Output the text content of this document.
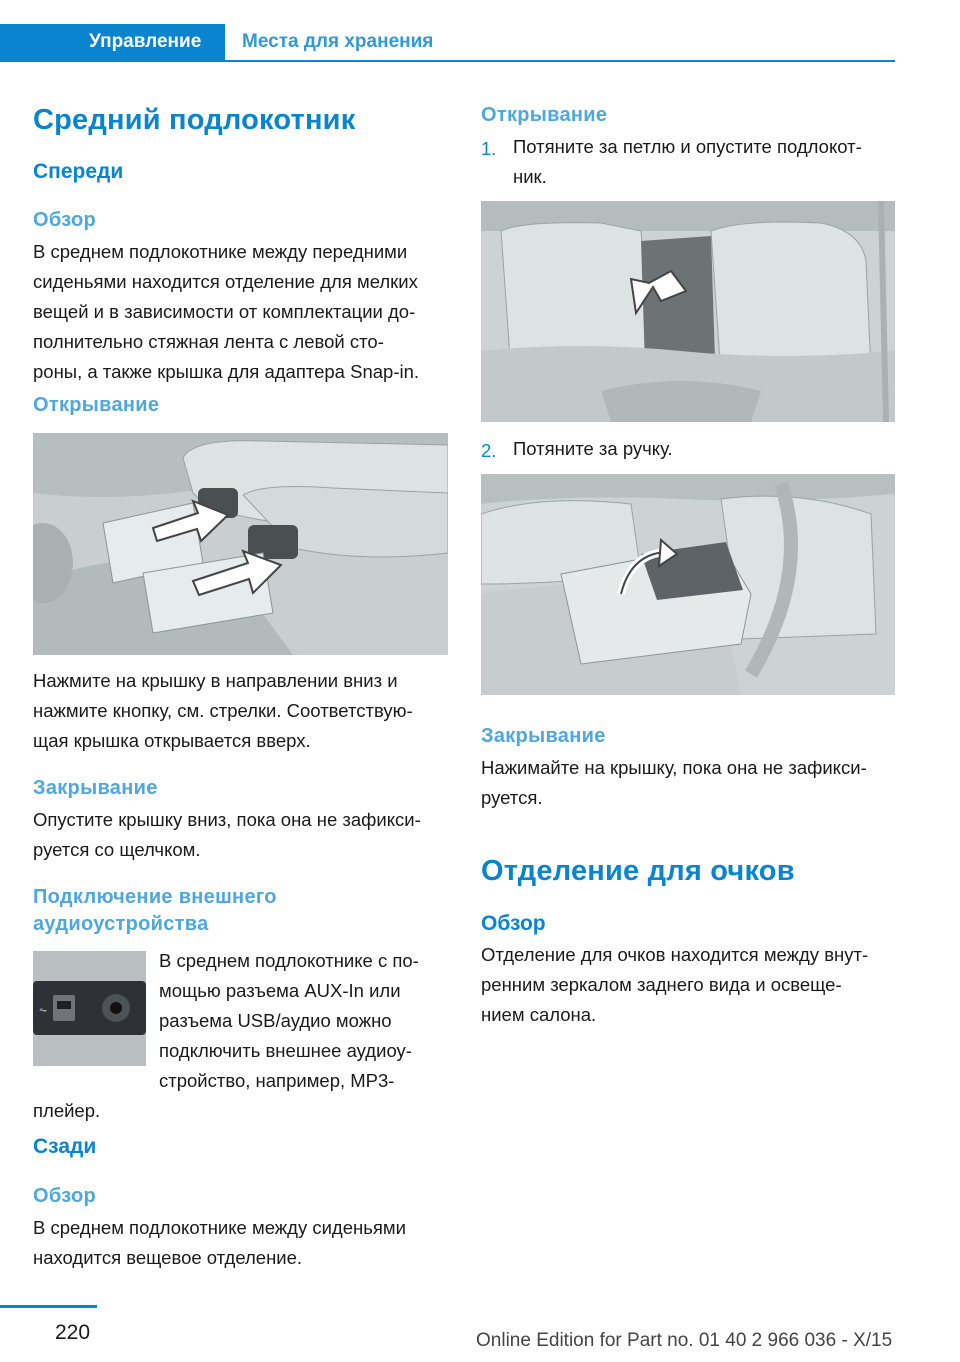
Управление Места для хранения
Средний подлокотник
Спереди
Обзор

В среднем подлокотнике между передними
сиденьями находится отделение для мелких
вещей и в зависимости от комплектации до-
полнительно стяжная лента с левой сто-
роны, а также крышка для адаптера Snap-in.

Открывание

Нажмите на крышку в направлении вниз и
нажмите кнопку, см. стрелки. Соответствую-
щая крышка открывается вверх.

Закрывание

Опустите крышку вниз, пока она не зафикси-
руется со щелчком.

Подключение внешнего
аудиоустройства
⏦

В среднем подлокотнике с по-
мощью разъема AUX-In или
разъема USB/аудио можно
подключить внешнее аудиоу-
стройство, например, MP3-

плейер.

Сзади
Обзор

В среднем подлокотнике между сиденьями
находится вещевое отделение.

Открывание
1. Потяните за петлю и опустите подлокот-
ник.

2. Потяните за ручку.

Закрывание

Нажимайте на крышку, пока она не зафикси-
руется.

Отделение для очков
Обзор

Отделение для очков находится между внут-
ренним зеркалом заднего вида и освеще-
нием салона.

220	Online Edition for Part no. 01 40 2 966 036 - X/15
